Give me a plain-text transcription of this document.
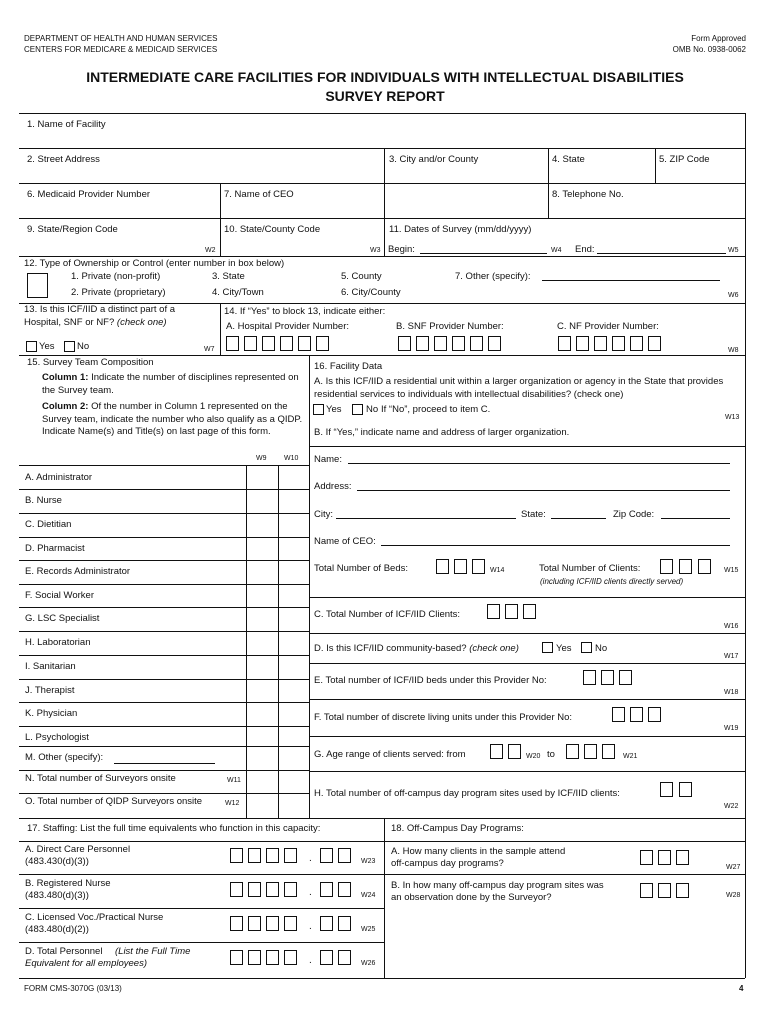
DEPARTMENT OF HEALTH AND HUMAN SERVICES
CENTERS FOR MEDICARE & MEDICAID SERVICES
Form Approved
OMB No. 0938-0062
INTERMEDIATE CARE FACILITIES FOR INDIVIDUALS WITH INTELLECTUAL DISABILITIES
SURVEY REPORT
1. Name of Facility
2. Street Address	3. City and/or County	4. State	5. ZIP Code
6. Medicaid Provider Number	7. Name of CEO	8. Telephone No.
9. State/Region Code	10. State/County Code	11. Dates of Survey (mm/dd/yyyy)
W2	W3 Begin:	W4 End:	W5
12. Type of Ownership or Control (enter number in box below)
1. Private (non-profit)
2. Private (proprietary)
3. State
4. City/Town
5. County
6. City/County
7. Other (specify):
W6
13. Is this ICF/IID a distinct part of a
Hospital, SNF or NF? (check one)
Yes No	W7
14. If “Yes” to block 13, indicate either:
A. Hospital Provider Number:	B. SNF Provider Number:	C. NF Provider Number:
W8
15. Survey Team Composition
Column 1: Indicate the number of disciplines represented on the Survey team.
Column 2: Of the number in Column 1 represented on the Survey team, indicate the number who also qualify as a QIDP. Indicate Name(s) and Title(s) on last page of this form.
W9	W10
A. Administrator
B. Nurse
C. Dietitian
D. Pharmacist
E. Records Administrator
F. Social Worker
G. LSC Specialist
H. Laboratorian
I. Sanitarian
J. Therapist
K. Physician
L. Psychologist
M. Other (specify):
N. Total number of Surveyors onsite	W11
O. Total number of QIDP Surveyors onsite	W12
16. Facility Data
A. Is this ICF/IID a residential unit within a larger organization or agency in the State that provides residential services to individuals with intellectual disabilities? (check one)
Yes	No If “No”, proceed to item C.
W13
B. If “Yes,” indicate name and address of larger organization.
Name:
Address:
City:	State:	Zip Code:
Name of CEO:
Total Number of Beds:	W14	Total Number of Clients:	W15
(including ICF/IID clients directly served)
C. Total Number of ICF/IID Clients:
W16
D. Is this ICF/IID community-based? (check one)	Yes No
W17
E. Total number of ICF/IID beds under this Provider No:
W18
F. Total number of discrete living units under this Provider No:
W19
G. Age range of clients served: from	W20 to	W21
H. Total number of off-campus day program sites used by ICF/IID clients:
W22
17. Staffing: List the full time equivalents who function in this capacity:
A. Direct Care Personnel
(483.430(d)(3))	.	W23
B. Registered Nurse
(483.480(d)(3))	.	W24
C. Licensed Voc./Practical Nurse
(483.480(d)(2))	.	W25
D. Total Personnel (List the Full Time
Equivalent for all employees)	.	W26
18. Off-Campus Day Programs:
A. How many clients in the sample attend
off-campus day programs?	W27
B. In how many off-campus day program sites was
an observation done by the Surveyor?	W28
FORM CMS-3070G (03/13)	4
